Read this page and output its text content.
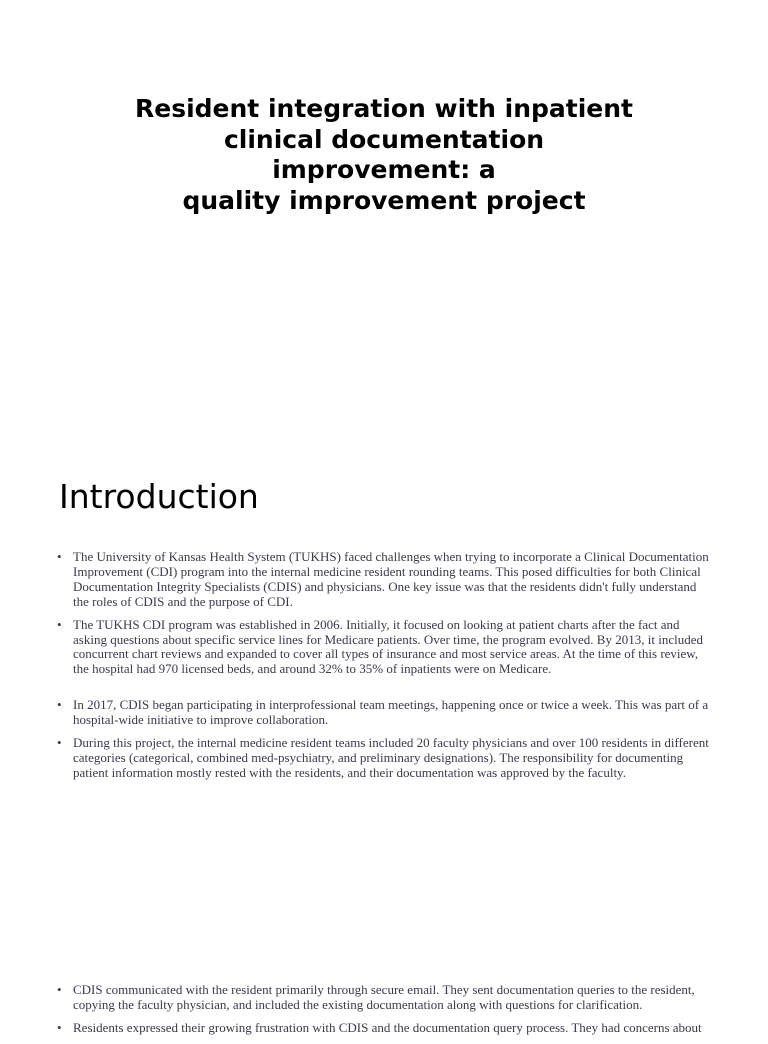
Resident integration with inpatient
clinical documentation
improvement: a
quality improvement project
Introduction
• The University of Kansas Health System (TUKHS) faced challenges when trying to incorporate a Clinical Documentation Improvement (CDI) program into the internal medicine resident rounding teams. This posed difficulties for both Clinical Documentation Integrity Specialists (CDIS) and physicians. One key issue was that the residents didn't fully understand the roles of CDIS and the purpose of CDI.
• The TUKHS CDI program was established in 2006. Initially, it focused on looking at patient charts after the fact and asking questions about specific service lines for Medicare patients. Over time, the program evolved. By 2013, it included concurrent chart reviews and expanded to cover all types of insurance and most service areas. At the time of this review, the hospital had 970 licensed beds, and around 32% to 35% of inpatients were on Medicare.
• In 2017, CDIS began participating in interprofessional team meetings, happening once or twice a week. This was part of a hospital-wide initiative to improve collaboration.
• During this project, the internal medicine resident teams included 20 faculty physicians and over 100 residents in different categories (categorical, combined med-psychiatry, and preliminary designations). The responsibility for documenting patient information mostly rested with the residents, and their documentation was approved by the faculty.
• CDIS communicated with the resident primarily through secure email. They sent documentation queries to the resident, copying the faculty physician, and included the existing documentation along with questions for clarification.
• Residents expressed their growing frustration with CDIS and the documentation query process. They had concerns about
